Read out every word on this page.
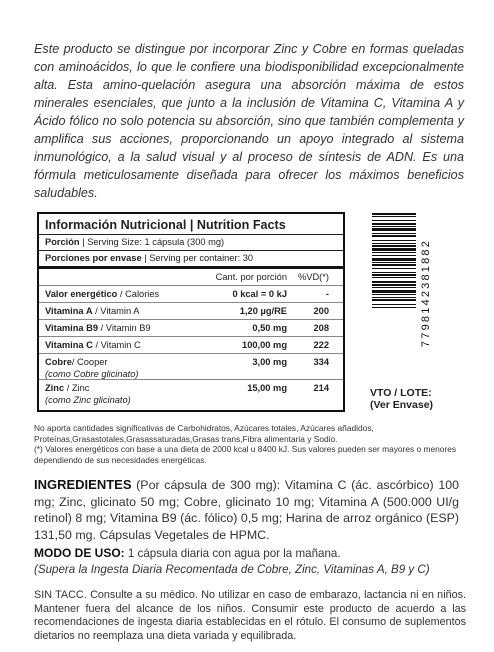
Este producto se distingue por incorporar Zinc y Cobre en formas queladas con aminoácidos, lo que le confiere una biodisponibilidad excepcionalmente alta. Esta amino-quelación asegura una absorción máxima de estos minerales esenciales, que junto a la inclusión de Vitamina C, Vitamina A y Ácido fólico no solo potencia su absorción, sino que también complementa y amplifica sus acciones, proporcionando un apoyo integrado al sistema inmunológico, a la salud visual y al proceso de síntesis de ADN. Es una fórmula meticulosamente diseñada para ofrecer los máximos beneficios saludables.
Información Nutricional | Nutrition Facts
Porción | Serving Size: 1 cápsula (300 mg)
Porciones por envase | Serving per container: 30
Cant. por porción	%VD(*)
Valor energético / Calories	0 kcal = 0 kJ	-
Vitamina A / Vitamin A	1,20 µg/RE	200
Vitamina B9 / Vitamin B9	0,50 mg	208
Vitamina C / Vitamin C	100,00 mg	222
Cobre/ Cooper
(como Cobre glicinato)
3,00 mg	334
Zinc / Zinc
(como Zinc glicinato)
15,00 mg	214
7798142381882
VTO / LOTE:
(Ver Envase)
No aporta cantidades significativas de Carbohidratos, Azúcares totales, Azúcares añadidos, Proteínas,Grasastotales,Grasassaturadas,Grasas trans,Fibra alimentaria y Sodio.
(*) Valores energéticos con base a una dieta de 2000 kcal u 8400 kJ. Sus valores pueden ser mayores o menores dependiendo de sus necesidades energéticas.
INGREDIENTES (Por cápsula de 300 mg): Vitamina C (ác. ascórbico) 100 mg; Zinc, glicinato 50 mg; Cobre, glicinato 10 mg; Vitamina A (500.000 UI/g retinol) 8 mg; Vitamina B9 (ác. fólico) 0,5 mg; Harina de arroz orgánico (ESP) 131,50 mg. Cápsulas Vegetales de HPMC.
MODO DE USO: 1 cápsula diaria con agua por la mañana.
(Supera la Ingesta Diaria Recomentada de Cobre, Zinc, Vitaminas A, B9 y C)
SIN TACC. Consulte a su médico. No utilizar en caso de embarazo, lactancia ni en niños. Mantener fuera del alcance de los niños. Consumir este producto de acuerdo a las recomendaciones de ingesta diaria establecidas en el rótulo. El consumo de suplementos dietarios no reemplaza una dieta variada y equilibrada.
